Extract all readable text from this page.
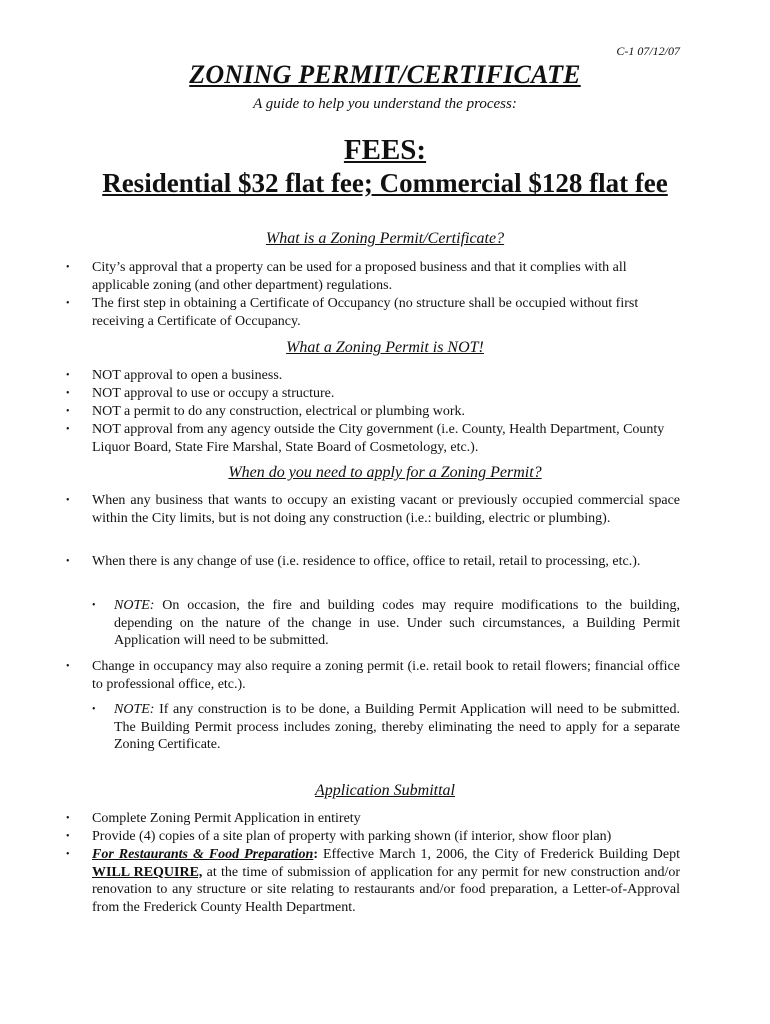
C-1 07/12/07
ZONING PERMIT/CERTIFICATE
A guide to help you understand the process:
FEES:
Residential $32 flat fee; Commercial $128 flat fee
What is a Zoning Permit/Certificate?
• City’s approval that a property can be used for a proposed business and that it complies with all applicable zoning (and other department) regulations.
• The first step in obtaining a Certificate of Occupancy (no structure shall be occupied without first receiving a Certificate of Occupancy.
What a Zoning Permit is NOT!
• NOT approval to open a business.
• NOT approval to use or occupy a structure.
• NOT a permit to do any construction, electrical or plumbing work.
• NOT approval from any agency outside the City government (i.e. County, Health Department, County Liquor Board, State Fire Marshal, State Board of Cosmetology, etc.).
When do you need to apply for a Zoning Permit?
• When any business that wants to occupy an existing vacant or previously occupied commercial space within the City limits, but is not doing any construction (i.e.: building, electric or plumbing).
• When there is any change of use (i.e. residence to office, office to retail, retail to processing, etc.).
• NOTE: On occasion, the fire and building codes may require modifications to the building, depending on the nature of the change in use. Under such circumstances, a Building Permit Application will need to be submitted.
• Change in occupancy may also require a zoning permit (i.e. retail book to retail flowers; financial office to professional office, etc.).
• NOTE: If any construction is to be done, a Building Permit Application will need to be submitted. The Building Permit process includes zoning, thereby eliminating the need to apply for a separate Zoning Certificate.
Application Submittal
• Complete Zoning Permit Application in entirety
• Provide (4) copies of a site plan of property with parking shown (if interior, show floor plan)
• For Restaurants & Food Preparation: Effective March 1, 2006, the City of Frederick Building Dept WILL REQUIRE, at the time of submission of application for any permit for new construction and/or renovation to any structure or site relating to restaurants and/or food preparation, a Letter-of-Approval from the Frederick County Health Department.
